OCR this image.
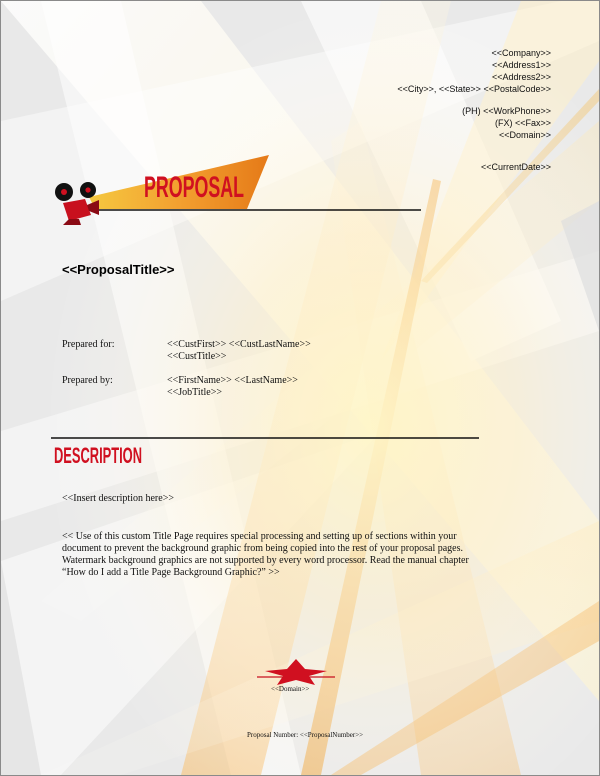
<<Company>>
<<Address1>>
<<Address2>>
<<City>>, <<State>> <<PostalCode>>
(PH) <<WorkPhone>>
(FX) <<Fax>>
<<Domain>>
<<CurrentDate>>
PROPOSAL
<<ProposalTitle>>
Prepared for:	<<CustFirst>> <<CustLastName>>
<<CustTitle>>
Prepared by:	<<FirstName>> <<LastName>>
<<JobTitle>>
DESCRIPTION
<<Insert description here>>
<< Use of this custom Title Page requires special processing and setting up of sections within your
document to prevent the background graphic from being copied into the rest of your proposal pages.
Watermark background graphics are not supported by every word processor. Read the manual chapter
“How do I add a Title Page Background Graphic?” >>
<<Domain>>
Proposal Number: <<ProposalNumber>>
